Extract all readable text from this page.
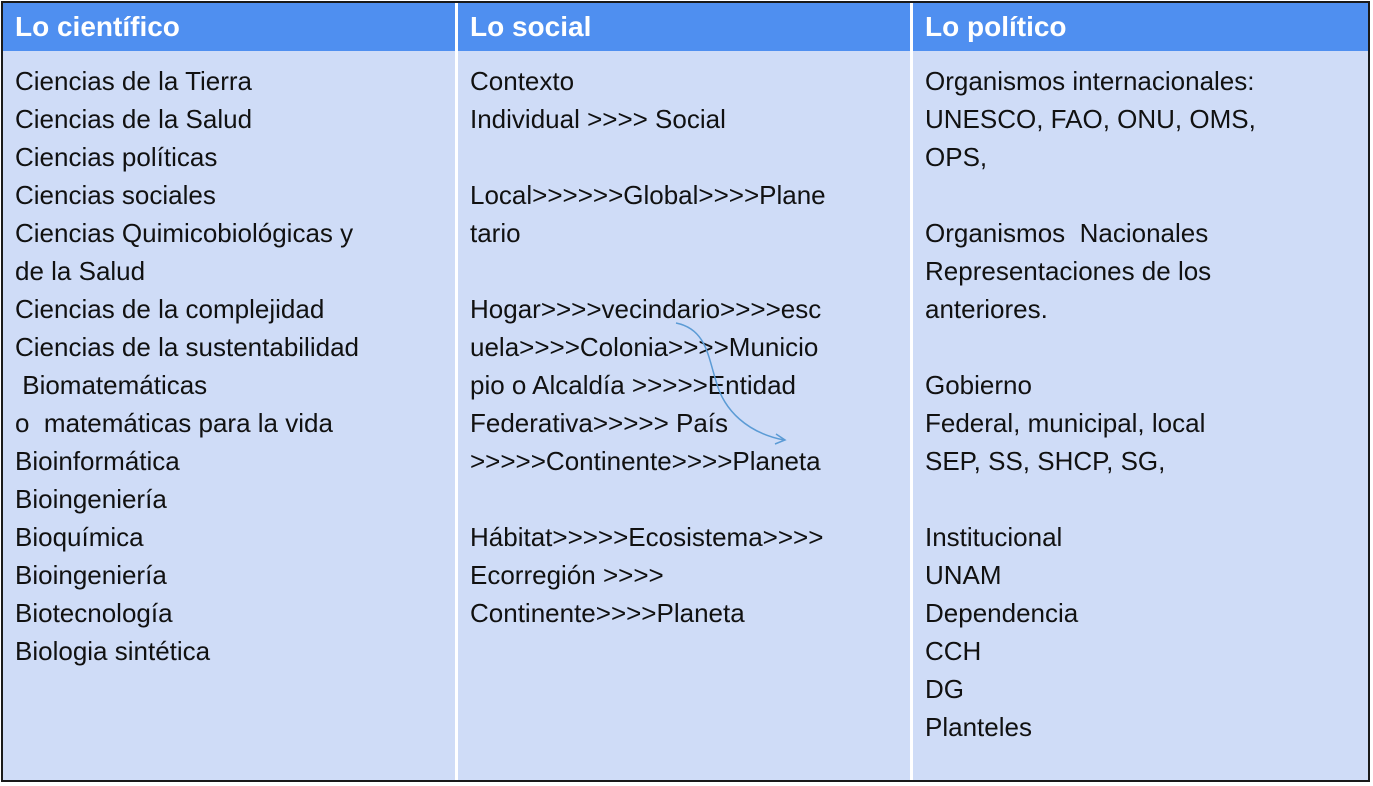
Lo científico	Lo social	Lo político
Ciencias de la Tierra
Ciencias de la Salud
Ciencias políticas
Ciencias sociales
Ciencias Quimicobiológicas y
de la Salud
Ciencias de la complejidad
Ciencias de la sustentabilidad
Biomatemáticas
o  matemáticas para la vida
Bioinformática
Bioingeniería
Bioquímica
Bioingeniería
Biotecnología
Biologia sintética
Contexto
Individual >>>> Social
Local>>>>>>Global>>>>Plane
tario
Hogar>>>>vecindario>>>>esc
uela>>>>Colonia>>>>Municio
pio o Alcaldía >>>>>Entidad
Federativa>>>>> País
>>>>>Continente>>>>Planeta
Hábitat>>>>>Ecosistema>>>>
Ecorregión >>>>
Continente>>>>Planeta
Organismos internacionales:
UNESCO, FAO, ONU, OMS,
OPS,
Organismos  Nacionales
Representaciones de los
anteriores.
Gobierno
Federal, municipal, local
SEP, SS, SHCP, SG,
Institucional
UNAM
Dependencia
CCH
DG
Planteles
